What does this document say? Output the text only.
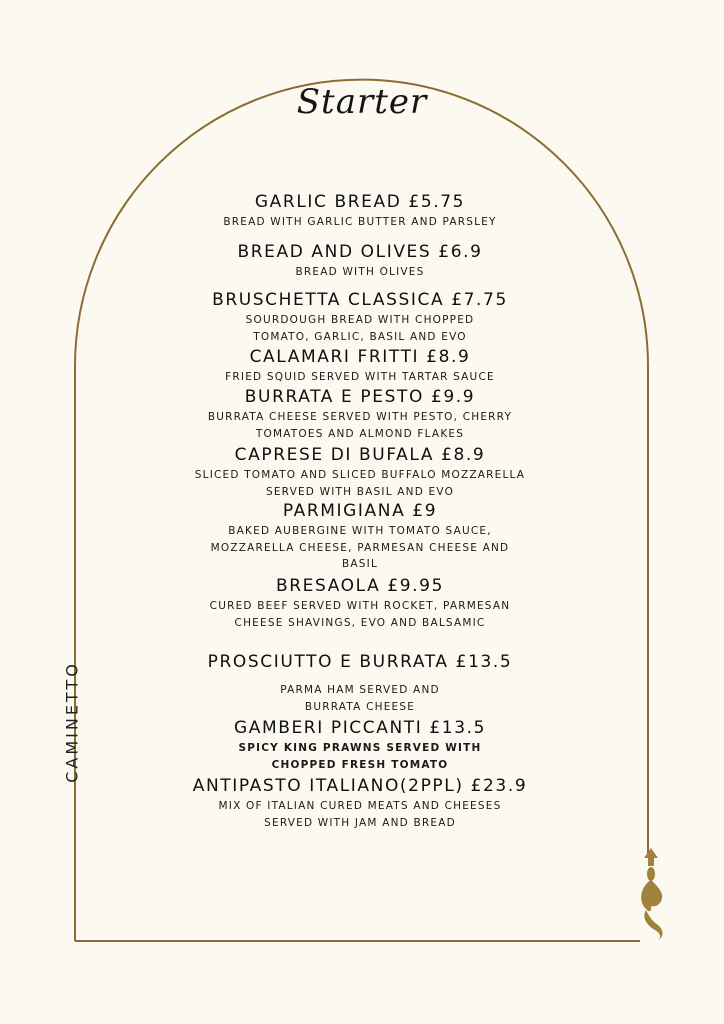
Starter
CAMINETTO
GARLIC BREAD £5.75
BREAD WITH GARLIC BUTTER AND PARSLEY
BREAD AND OLIVES £6.9
BREAD WITH OLIVES
BRUSCHETTA CLASSICA £7.75
SOURDOUGH BREAD WITH CHOPPED TOMATO, GARLIC, BASIL AND EVO
CALAMARI FRITTI £8.9
FRIED SQUID SERVED WITH TARTAR SAUCE
BURRATA E PESTO £9.9
BURRATA CHEESE SERVED WITH PESTO, CHERRY TOMATOES AND ALMOND FLAKES
CAPRESE DI BUFALA £8.9
SLICED TOMATO AND SLICED BUFFALO MOZZARELLA SERVED WITH BASIL AND EVO
PARMIGIANA £9
BAKED AUBERGINE WITH TOMATO SAUCE, MOZZARELLA CHEESE, PARMESAN CHEESE AND BASIL
BRESAOLA £9.95
CURED BEEF SERVED WITH ROCKET, PARMESAN CHEESE SHAVINGS, EVO AND BALSAMIC
PROSCIUTTO E BURRATA £13.5
PARMA HAM SERVED AND BURRATA CHEESE
GAMBERI PICCANTI £13.5
SPICY KING PRAWNS SERVED WITH CHOPPED FRESH TOMATO
ANTIPASTO ITALIANO(2PPL) £23.9
MIX OF ITALIAN CURED MEATS AND CHEESES SERVED WITH JAM AND BREAD
